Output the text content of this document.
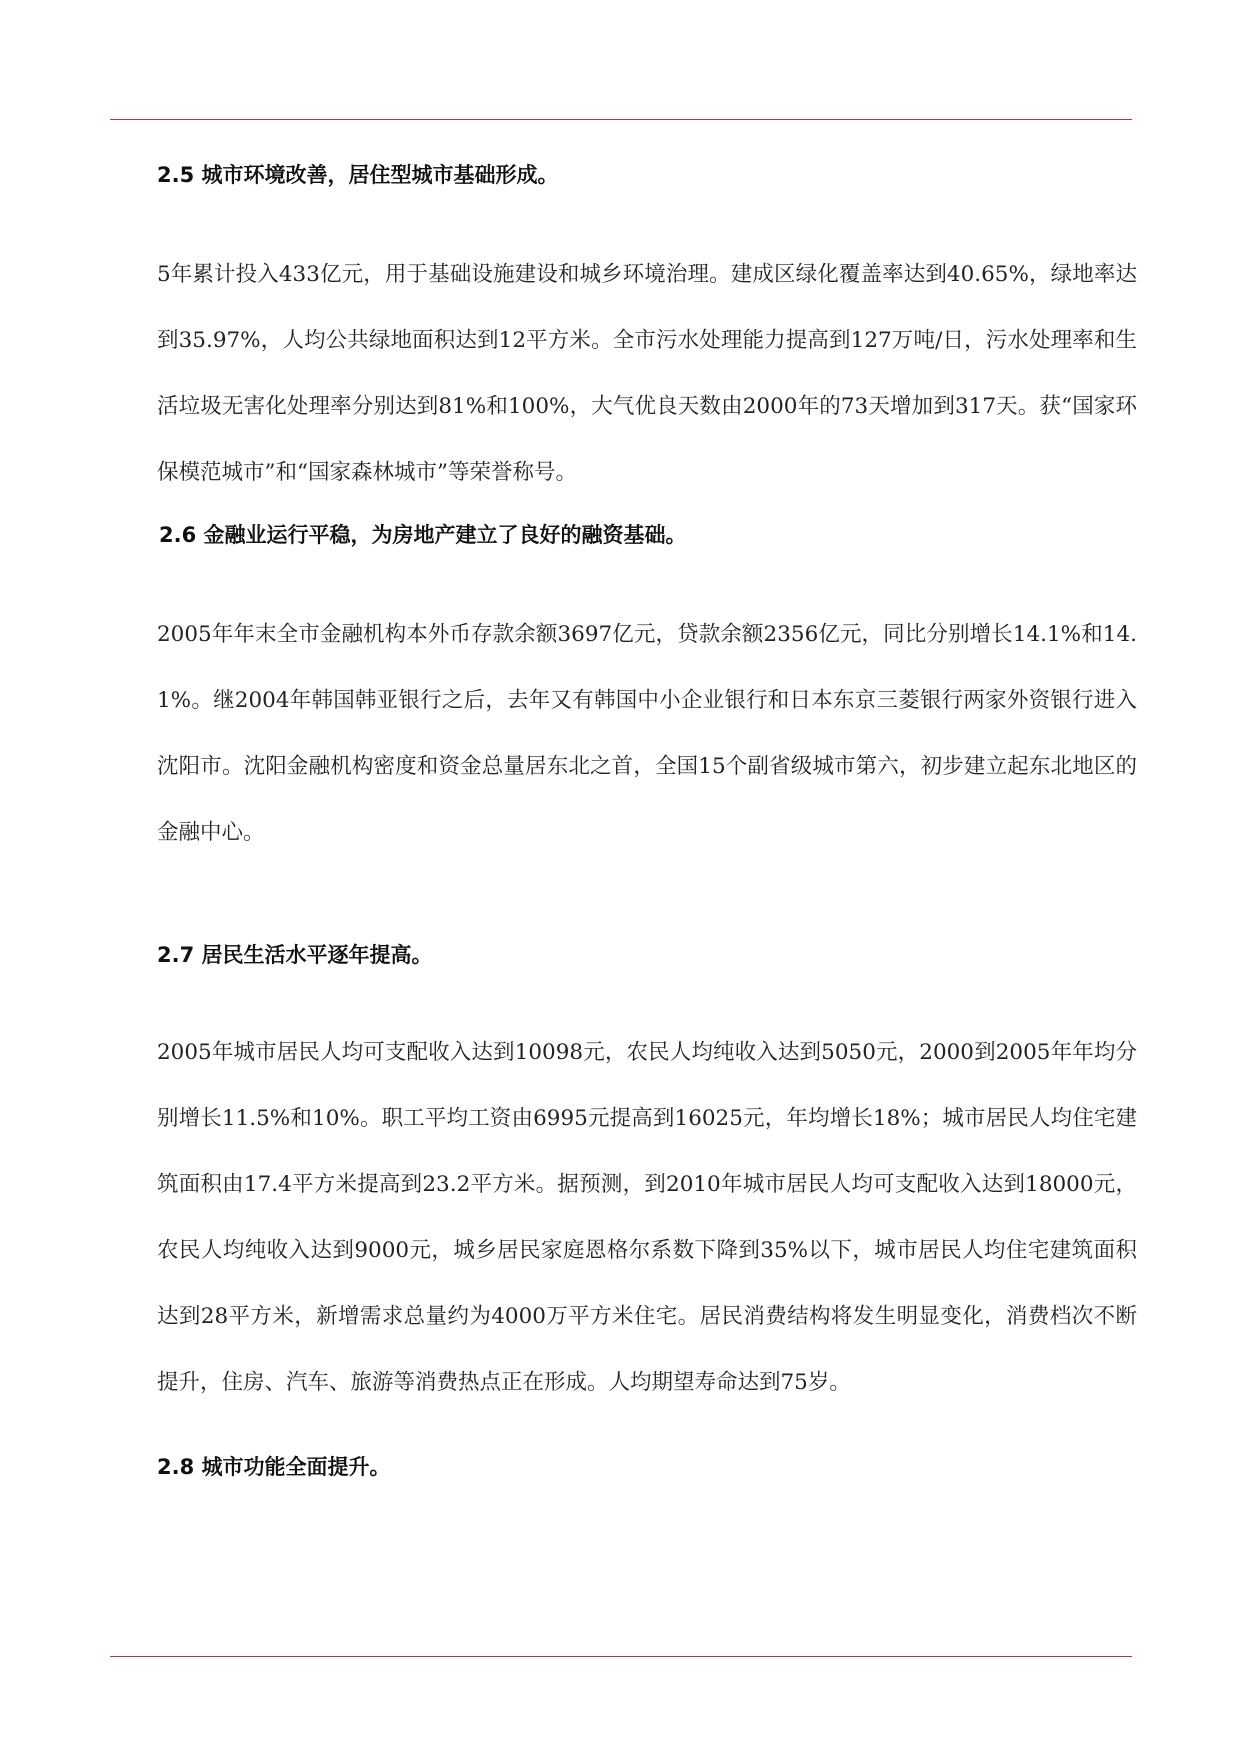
2.5 城市环境改善，居住型城市基础形成。

5年累计投入433亿元，用于基础设施建设和城乡环境治理。建成区绿化覆盖率达到40.65%，绿地率达到35.97%，人均公共绿地面积达到12平方米。全市污水处理能力提高到127万吨/日，污水处理率和生活垃圾无害化处理率分别达到81%和100%，大气优良天数由2000年的73天增加到317天。获“国家环保模范城市”和“国家森林城市”等荣誉称号。

2.6 金融业运行平稳，为房地产建立了良好的融资基础。

2005年年末全市金融机构本外币存款余额3697亿元，贷款余额2356亿元，同比分别增长14.1%和14.1%。继2004年韩国韩亚银行之后，去年又有韩国中小企业银行和日本东京三菱银行两家外资银行进入沈阳市。沈阳金融机构密度和资金总量居东北之首，全国15个副省级城市第六，初步建立起东北地区的金融中心。

2.7 居民生活水平逐年提高。

2005年城市居民人均可支配收入达到10098元，农民人均纯收入达到5050元，2000到2005年年均分别增长11.5%和10%。职工平均工资由6995元提高到16025元，年均增长18%；城市居民人均住宅建筑面积由17.4平方米提高到23.2平方米。据预测，到2010年城市居民人均可支配收入达到18000元，农民人均纯收入达到9000元，城乡居民家庭恩格尔系数下降到35%以下，城市居民人均住宅建筑面积达到28平方米，新增需求总量约为4000万平方米住宅。居民消费结构将发生明显变化，消费档次不断提升，住房、汽车、旅游等消费热点正在形成。人均期望寿命达到75岁。

2.8 城市功能全面提升。
